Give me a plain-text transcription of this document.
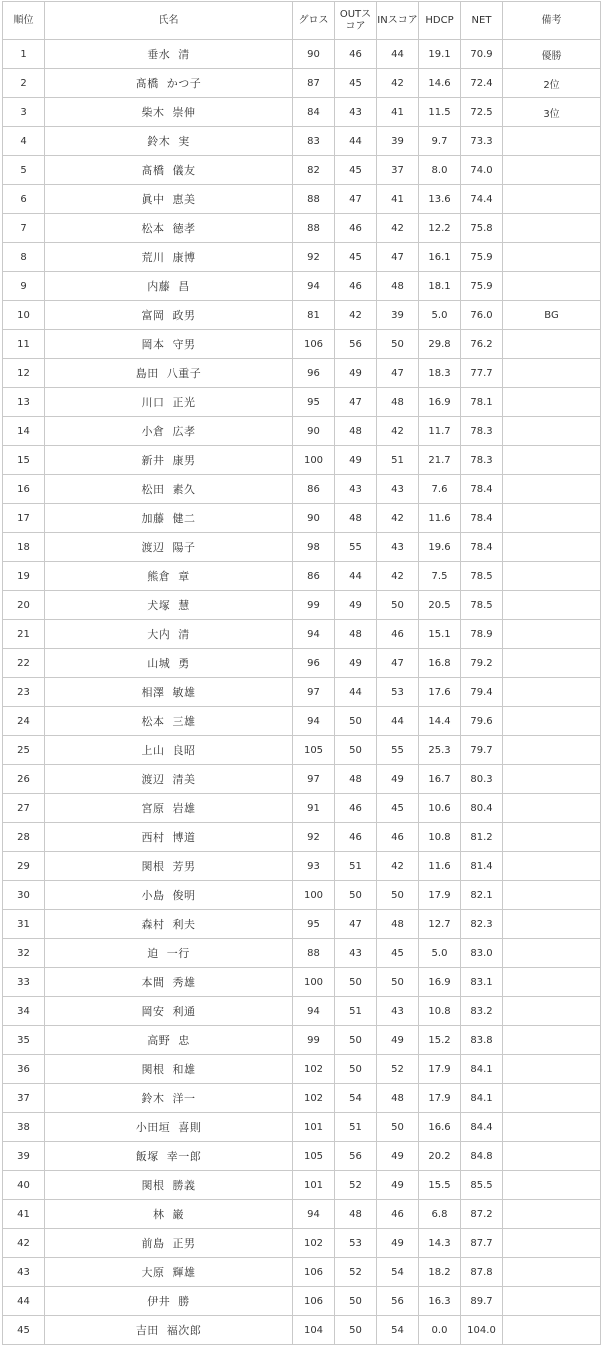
順位	氏名	グロス	OUTスコア	INスコア	HDCP	NET	備考
1	垂水 清	90	46	44	19.1	70.9	優勝
2	髙橋 かつ子	87	45	42	14.6	72.4	2位
3	柴木 崇伸	84	43	41	11.5	72.5	3位
4	鈴木 実	83	44	39	9.7	73.3	
5	髙橋 儀友	82	45	37	8.0	74.0	
6	眞中 恵美	88	47	41	13.6	74.4	
7	松本 徳孝	88	46	42	12.2	75.8	
8	荒川 康博	92	45	47	16.1	75.9	
9	内藤 昌	94	46	48	18.1	75.9	
10	富岡 政男	81	42	39	5.0	76.0	BG
11	岡本 守男	106	56	50	29.8	76.2	
12	島田 八重子	96	49	47	18.3	77.7	
13	川口 正光	95	47	48	16.9	78.1	
14	小倉 広孝	90	48	42	11.7	78.3	
15	新井 康男	100	49	51	21.7	78.3	
16	松田 素久	86	43	43	7.6	78.4	
17	加藤 健二	90	48	42	11.6	78.4	
18	渡辺 陽子	98	55	43	19.6	78.4	
19	熊倉 章	86	44	42	7.5	78.5	
20	犬塚 慧	99	49	50	20.5	78.5	
21	大内 清	94	48	46	15.1	78.9	
22	山城 勇	96	49	47	16.8	79.2	
23	相澤 敏雄	97	44	53	17.6	79.4	
24	松本 三雄	94	50	44	14.4	79.6	
25	上山 良昭	105	50	55	25.3	79.7	
26	渡辺 清美	97	48	49	16.7	80.3	
27	宮原 岩雄	91	46	45	10.6	80.4	
28	西村 博道	92	46	46	10.8	81.2	
29	関根 芳男	93	51	42	11.6	81.4	
30	小島 俊明	100	50	50	17.9	82.1	
31	森村 利夫	95	47	48	12.7	82.3	
32	迫 一行	88	43	45	5.0	83.0	
33	本間 秀雄	100	50	50	16.9	83.1	
34	岡安 利通	94	51	43	10.8	83.2	
35	高野 忠	99	50	49	15.2	83.8	
36	関根 和雄	102	50	52	17.9	84.1	
37	鈴木 洋一	102	54	48	17.9	84.1	
38	小田垣 喜則	101	51	50	16.6	84.4	
39	飯塚 幸一郎	105	56	49	20.2	84.8	
40	関根 勝義	101	52	49	15.5	85.5	
41	林 巌	94	48	46	6.8	87.2	
42	前島 正男	102	53	49	14.3	87.7	
43	大原 輝雄	106	52	54	18.2	87.8	
44	伊井 勝	106	50	56	16.3	89.7	
45	吉田 福次郎	104	50	54	0.0	104.0	
